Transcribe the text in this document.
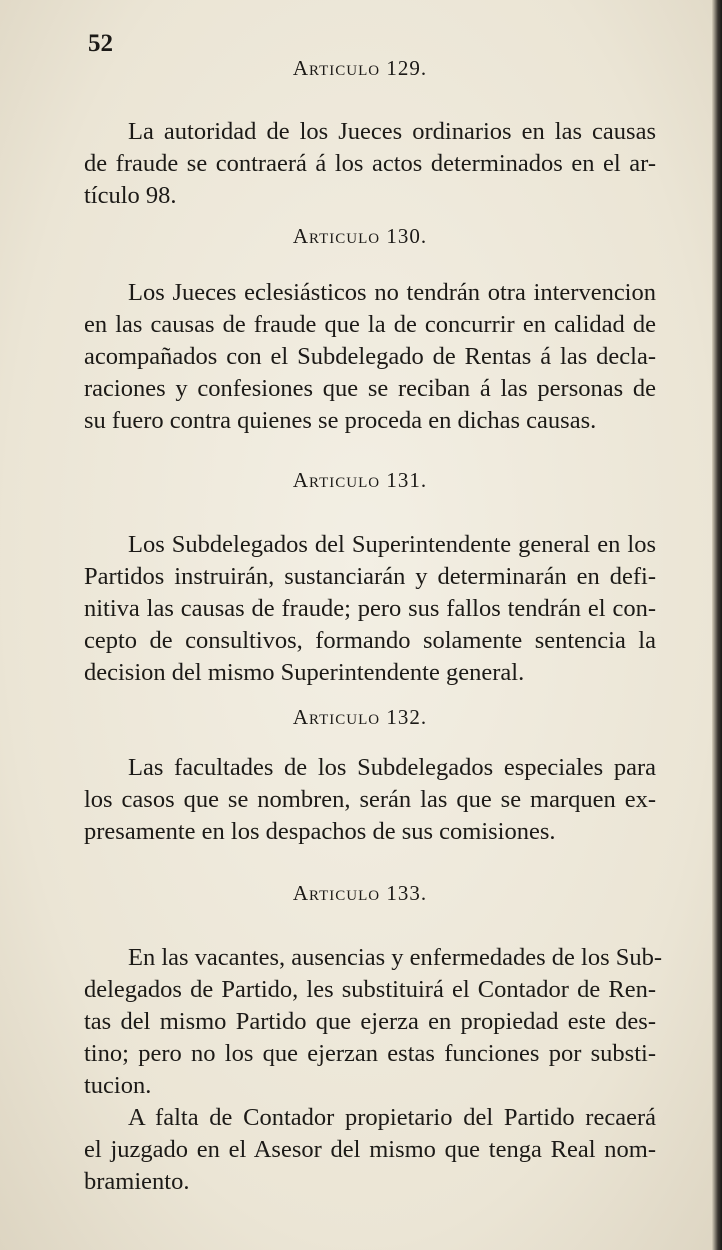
52
Articulo 129.
La autoridad de los Jueces ordinarios en las causas
de fraude se contraerá á los actos determinados en el ar-
tículo 98.
Articulo 130.
Los Jueces eclesiásticos no tendrán otra intervencion
en las causas de fraude que la de concurrir en calidad de
acompañados con el Subdelegado de Rentas á las decla-
raciones y confesiones que se reciban á las personas de
su fuero contra quienes se proceda en dichas causas.
Articulo 131.
Los Subdelegados del Superintendente general en los
Partidos instruirán, sustanciarán y determinarán en defi-
nitiva las causas de fraude; pero sus fallos tendrán el con-
cepto de consultivos, formando solamente sentencia la
decision del mismo Superintendente general.
Articulo 132.
Las facultades de los Subdelegados especiales para
los casos que se nombren, serán las que se marquen ex-
presamente en los despachos de sus comisiones.
Articulo 133.
En las vacantes, ausencias y enfermedades de los Sub-
delegados de Partido, les substituirá el Contador de Ren-
tas del mismo Partido que ejerza en propiedad este des-
tino; pero no los que ejerzan estas funciones por substi-
tucion.
A falta de Contador propietario del Partido recaerá
el juzgado en el Asesor del mismo que tenga Real nom-
bramiento.
